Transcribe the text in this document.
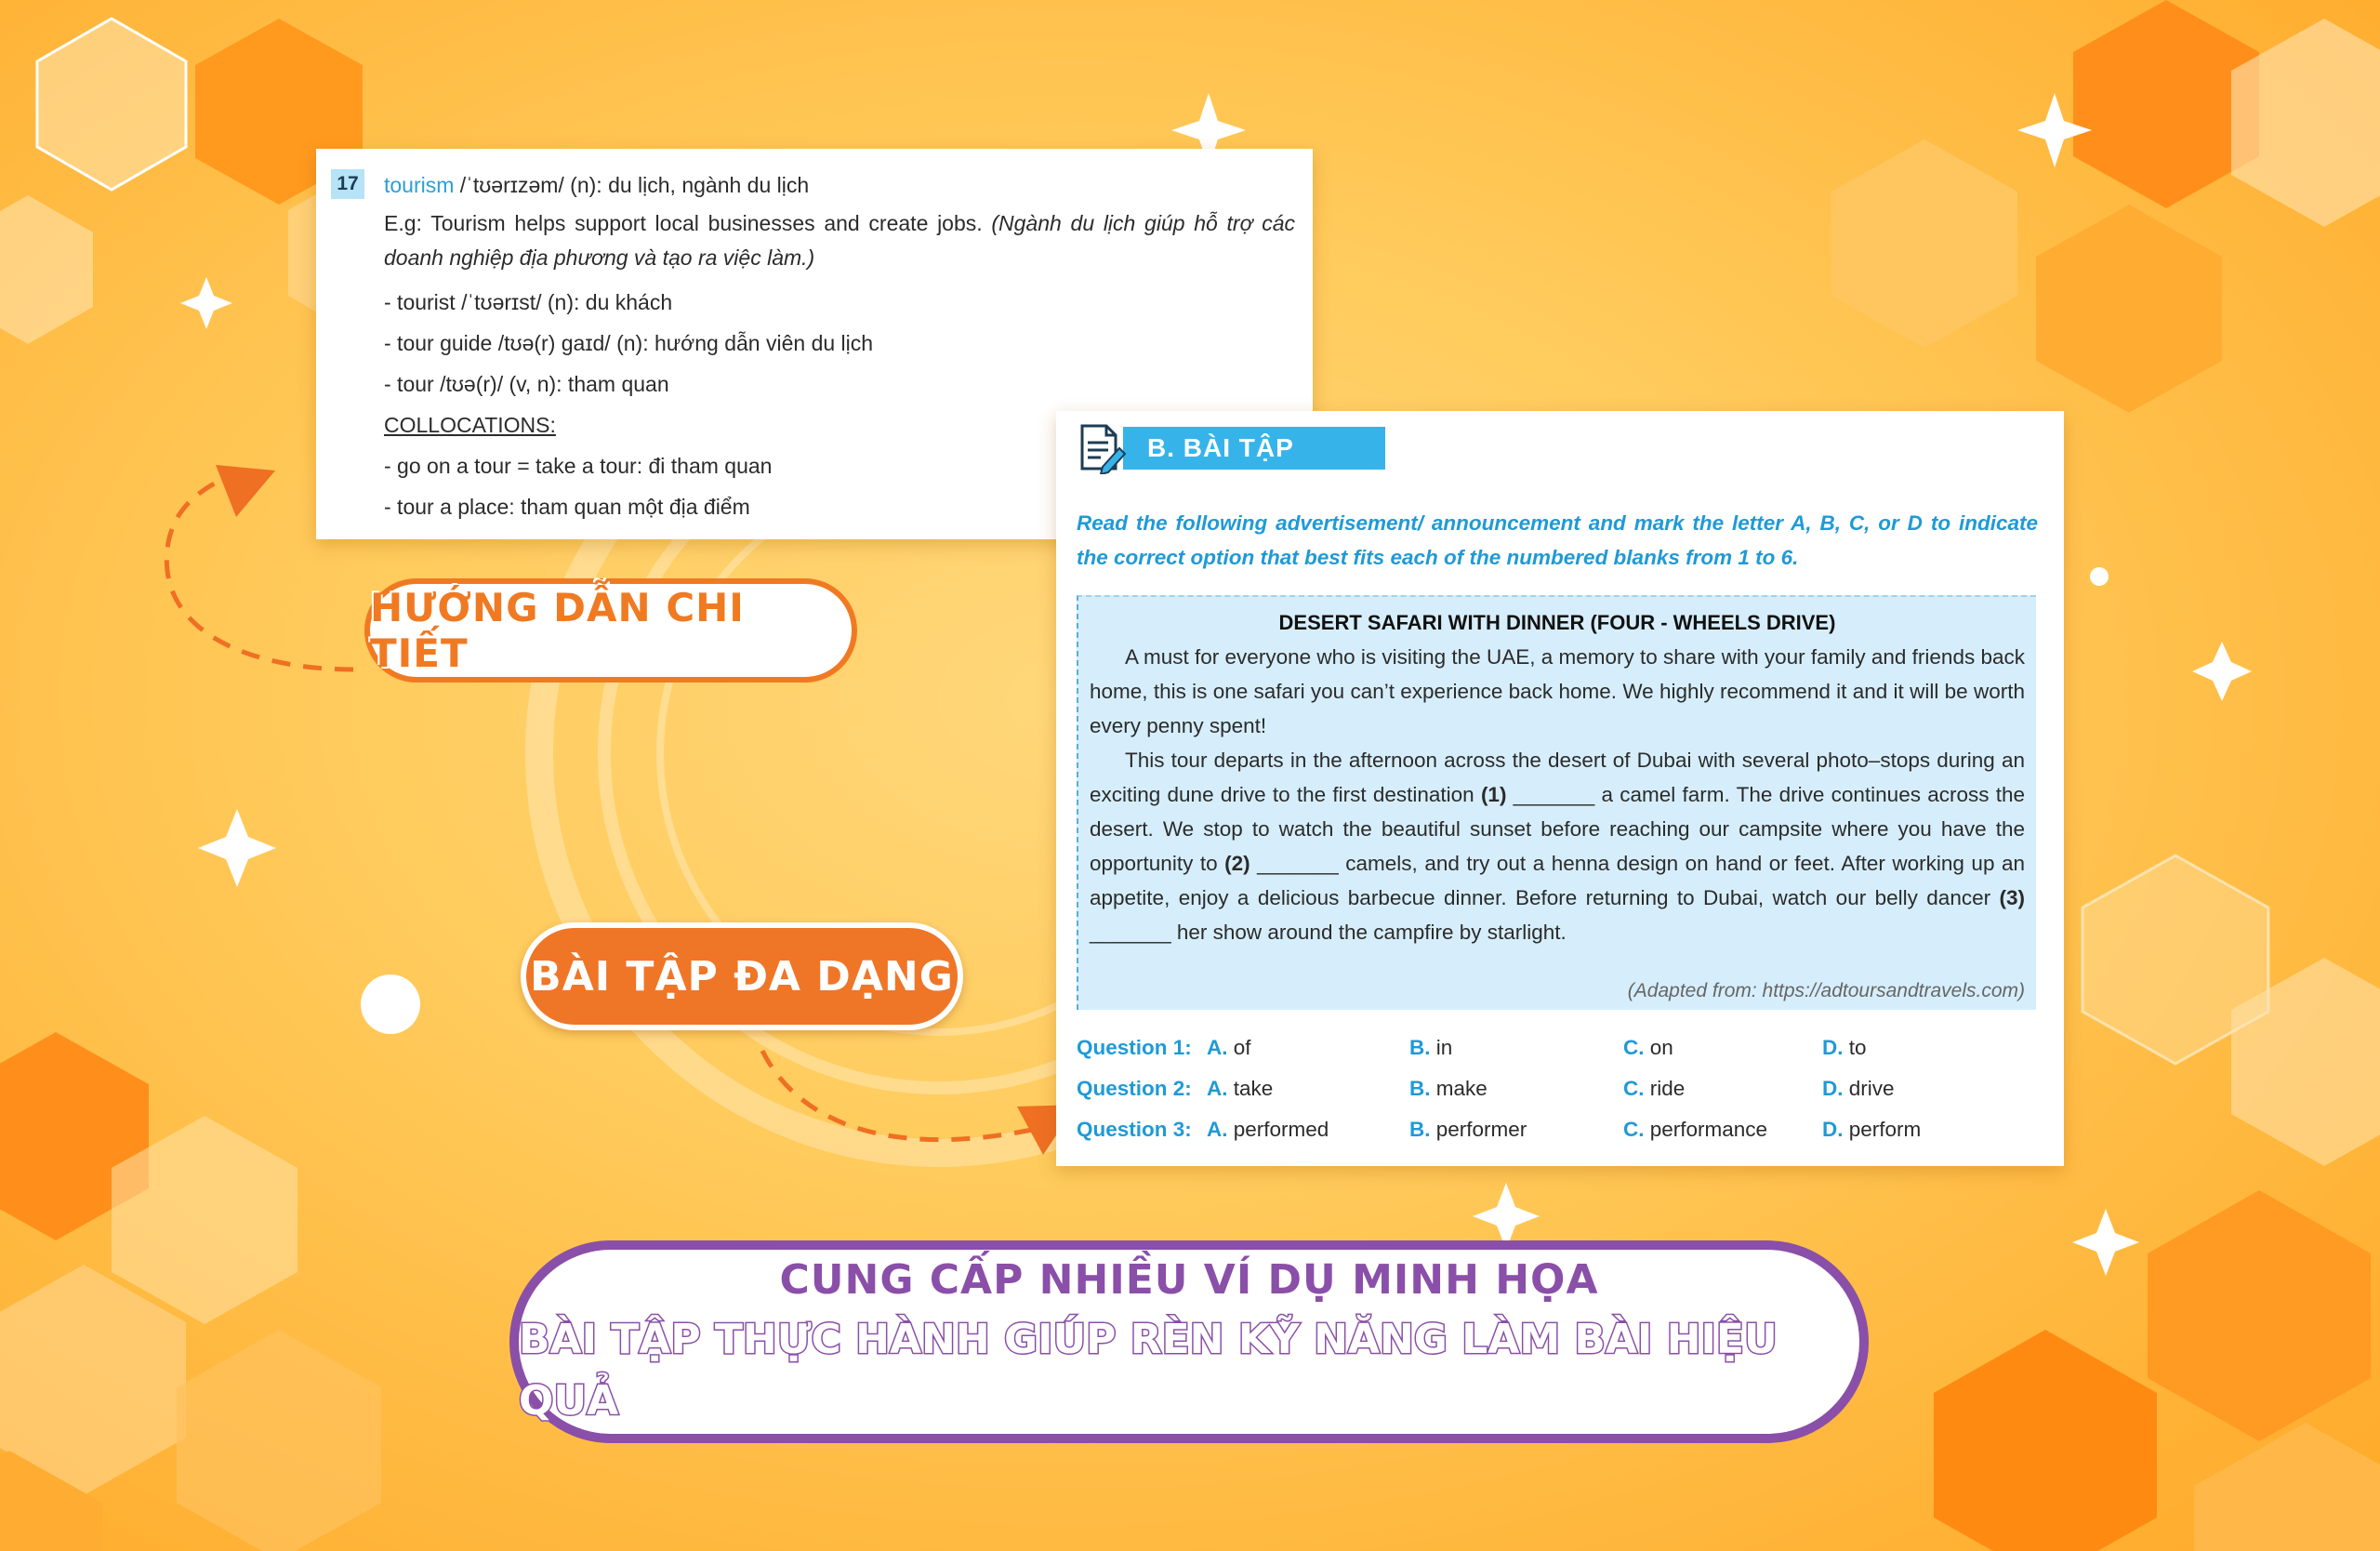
17 tourism /ˈtʊərɪzəm/ (n): du lịch, ngành du lịch
E.g: Tourism helps support local businesses and create jobs. (Ngành du lịch giúp hỗ trợ các doanh nghiệp địa phương và tạo ra việc làm.)
- tourist /ˈtʊərɪst/ (n): du khách
- tour guide /tʊə(r) gaɪd/ (n): hướng dẫn viên du lịch
- tour /tʊə(r)/ (v, n): tham quan
COLLOCATIONS:
- go on a tour = take a tour: đi tham quan
- tour a place: tham quan một địa điểm
HƯỚNG DẪN CHI TIẾT
B. BÀI TẬP
Read the following advertisement/ announcement and mark the letter A, B, C, or D to indicate the correct option that best fits each of the numbered blanks from 1 to 6.
DESERT SAFARI WITH DINNER (FOUR - WHEELS DRIVE)

A must for everyone who is visiting the UAE, a memory to share with your family and friends back home, this is one safari you can’t experience back home. We highly recommend it and it will be worth every penny spent!

This tour departs in the afternoon across the desert of Dubai with several photo–stops during an exciting dune drive to the first destination (1) _______ a camel farm. The drive continues across the desert. We stop to watch the beautiful sunset before reaching our campsite where you have the opportunity to (2) _______ camels, and try out a henna design on hand or feet. After working up an appetite, enjoy a delicious barbecue dinner. Before returning to Dubai, watch our belly dancer (3) _______ her show around the campfire by starlight.

(Adapted from: https://adtoursandtravels.com)
Question 1: A. of	B. in	C. on	D. to
Question 2: A. take	B. make	C. ride	D. drive
Question 3: A. performed	B. performer	C. performance	D. perform
BÀI TẬP ĐA DẠNG
CUNG CẤP NHIỀU VÍ DỤ MINH HỌA
BÀI TẬP THỰC HÀNH GIÚP RÈN KỸ NĂNG LÀM BÀI HIỆU QUẢ
